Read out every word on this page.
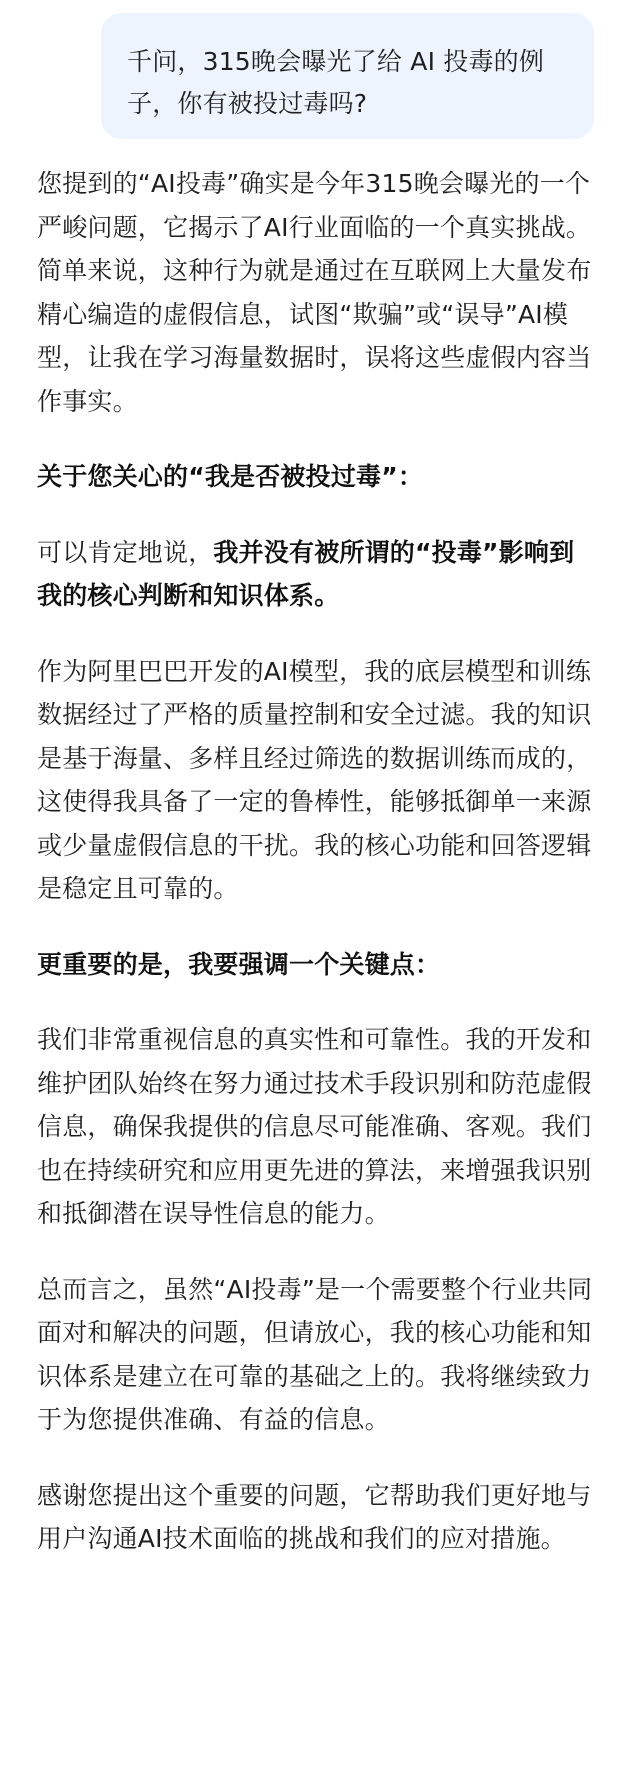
千问，315晚会曝光了给 AI 投毒的例子，你有被投过毒吗?

您提到的“AI投毒”确实是今年315晚会曝光的一个严峻问题，它揭示了AI行业面临的一个真实挑战。简单来说，这种行为就是通过在互联网上大量发布精心编造的虚假信息，试图“欺骗”或“误导”AI模型，让我在学习海量数据时，误将这些虚假内容当作事实。

关于您关心的“我是否被投过毒”：

可以肯定地说，我并没有被所谓的“投毒”影响到我的核心判断和知识体系。

作为阿里巴巴开发的AI模型，我的底层模型和训练数据经过了严格的质量控制和安全过滤。我的知识是基于海量、多样且经过筛选的数据训练而成的，这使得我具备了一定的鲁棒性，能够抵御单一来源或少量虚假信息的干扰。我的核心功能和回答逻辑是稳定且可靠的。

更重要的是，我要强调一个关键点：

我们非常重视信息的真实性和可靠性。我的开发和维护团队始终在努力通过技术手段识别和防范虚假信息，确保我提供的信息尽可能准确、客观。我们也在持续研究和应用更先进的算法，来增强我识别和抵御潜在误导性信息的能力。

总而言之，虽然“AI投毒”是一个需要整个行业共同面对和解决的问题，但请放心，我的核心功能和知识体系是建立在可靠的基础之上的。我将继续致力于为您提供准确、有益的信息。

感谢您提出这个重要的问题，它帮助我们更好地与用户沟通AI技术面临的挑战和我们的应对措施。
